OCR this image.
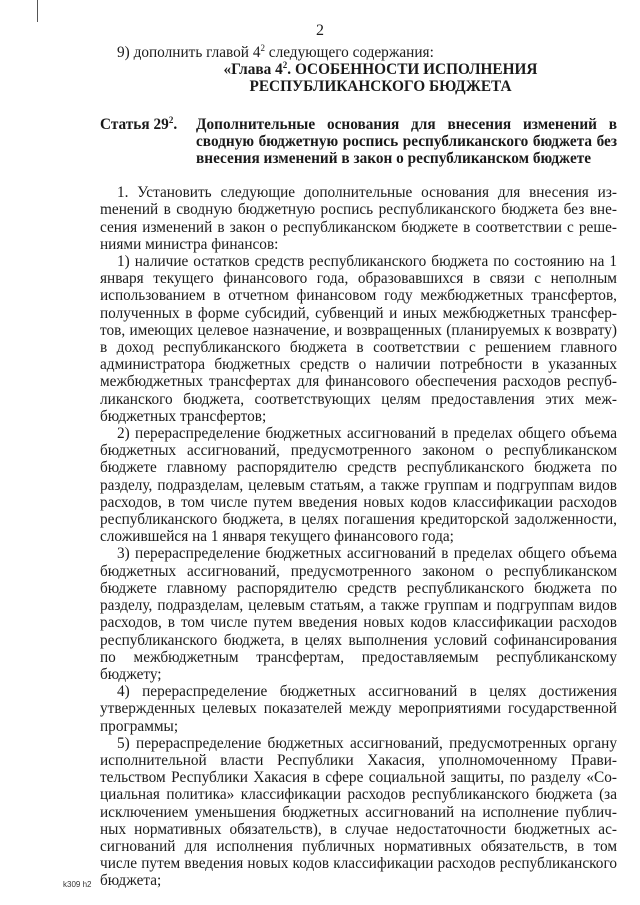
2

9) дополнить главой $4^2$ следующего содержания:

«Глава $4^2$. ОСОБЕННОСТИ ИСПОЛНЕНИЯ
РЕСПУБЛИКАНСКОГО БЮДЖЕТА

Статья $29^2$. Дополнительные основания для внесения изменений в сводную бюджетную роспись республиканского бюджета без внесения изменений в закон о республиканском бюджете

1. Установить следующие дополнительные основания для внесения изmенений в сводную бюджетную роспись республиканского бюджета без внесения изменений в закон о республиканском бюджете в соответствии с решениями министра финансов:

1) наличие остатков средств республиканского бюджета по состоянию на 1 января текущего финансового года, образовавшихся в связи с неполным использованием в отчетном финансовом году межбюджетных трансфертов, полученных в форме субсидий, субвенций и иных межбюджетных трансфертов, имеющих целевое назначение, и возвращенных (планируемых к возврату) в доход республиканского бюджета в соответствии с решением главного администратора бюджетных средств о наличии потребности в указанных межбюджетных трансфертах для финансового обеспечения расходов республиканского бюджета, соответствующих целям предоставления этих межбюджетных трансфертов;

2) перераспределение бюджетных ассигнований в пределах общего объема бюджетных ассигнований, предусмотренного законом о республиканском бюджете главному распорядителю средств республиканского бюджета по разделу, подразделам, целевым статьям, а также группам и подгруппам видов расходов, в том числе путем введения новых кодов классификации расходов республиканского бюджета, в целях погашения кредиторской задолженности, сложившейся на 1 января текущего финансового года;

3) перераспределение бюджетных ассигнований в пределах общего объема бюджетных ассигнований, предусмотренного законом о республиканском бюджете главному распорядителю средств республиканского бюджета по разделу, подразделам, целевым статьям, а также группам и подгруппам видов расходов, в том числе путем введения новых кодов классификации расходов республиканского бюджета, в целях выполнения условий софинансирования по межбюджетным трансфертам, предоставляемым республиканскому бюджету;

4) перераспределение бюджетных ассигнований в целях достижения утвержденных целевых показателей между мероприятиями государственной программы;

5) перераспределение бюджетных ассигнований, предусмотренных органу исполнительной власти Республики Хакасия, уполномоченному Правительством Республики Хакасия в сфере социальной защиты, по разделу «Социальная политика» классификации расходов республиканского бюджета (за исключением уменьшения бюджетных ассигнований на исполнение публичных нормативных обязательств), в случае недостаточности бюджетных ассигнований для исполнения публичных нормативных обязательств, в том числе путем введения новых кодов классификации расходов республиканского бюджета;

k309 h2
